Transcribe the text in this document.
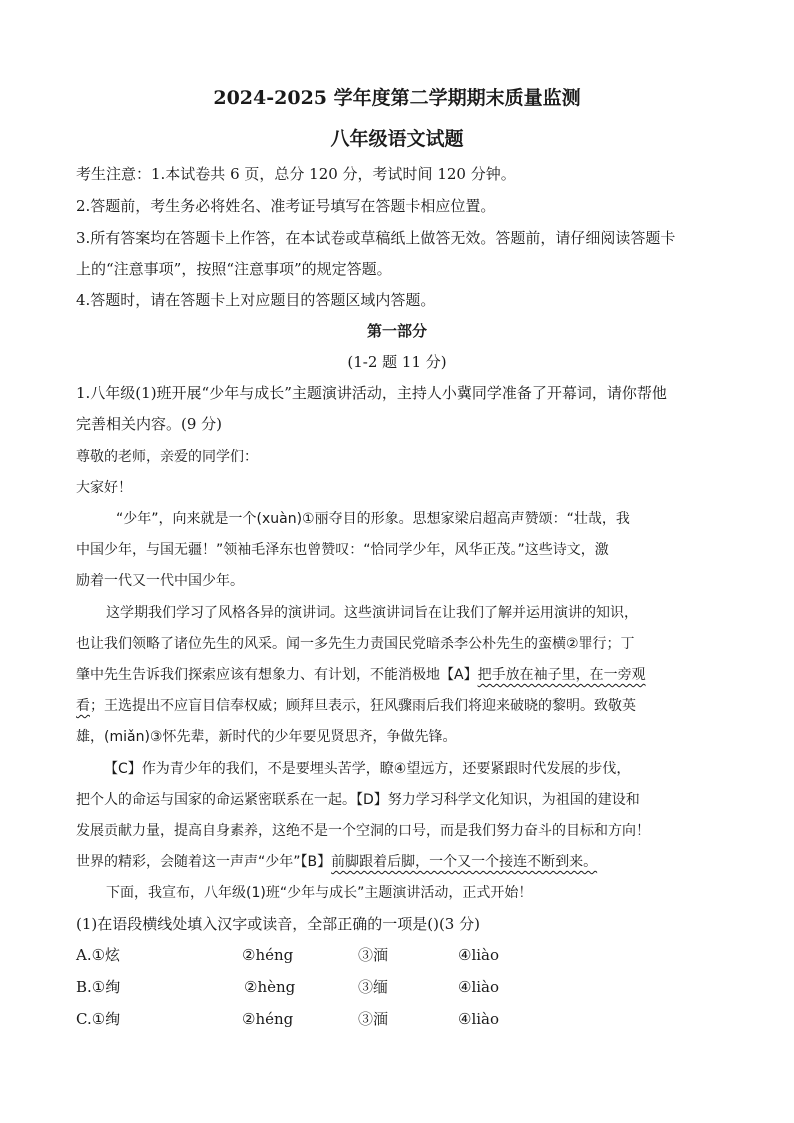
2024-2025 学年度第二学期期末质量监测
八年级语文试题
考生注意：1.本试卷共 6 页，总分 120 分，考试时间 120 分钟。
2.答题前，考生务必将姓名、准考证号填写在答题卡相应位置。
3.所有答案均在答题卡上作答，在本试卷或草稿纸上做答无效。答题前，请仔细阅读答题卡
上的“注意事项”，按照“注意事项”的规定答题。
4.答题时，请在答题卡上对应题目的答题区域内答题。
第一部分
(1-2 题 11 分)
1.八年级(1)班开展“少年与成长”主题演讲活动，主持人小冀同学准备了开幕词，请你帮他
完善相关内容。(9 分)
尊敬的老师，亲爱的同学们：
大家好！
“少年”，向来就是一个(xuàn)①丽夺目的形象。思想家梁启超高声赞颂：“壮哉，我
中国少年，与国无疆！”领袖毛泽东也曾赞叹：“恰同学少年，风华正茂。”这些诗文，激
励着一代又一代中国少年。
这学期我们学习了风格各异的演讲词。这些演讲词旨在让我们了解并运用演讲的知识，
也让我们领略了诸位先生的风采。闻一多先生力责国民党暗杀李公朴先生的蛮横②罪行；丁
肇中先生告诉我们探索应该有想象力、有计划，不能消极地【A】把手放在袖子里，在一旁观
看；王选提出不应盲目信奉权威；顾拜旦表示，狂风骤雨后我们将迎来破晓的黎明。致敬英
雄，(miǎn)③怀先辈，新时代的少年要见贤思齐，争做先锋。
【C】作为青少年的我们，不是要埋头苦学，瞭④望远方，还要紧跟时代发展的步伐，
把个人的命运与国家的命运紧密联系在一起。【D】努力学习科学文化知识，为祖国的建设和
发展贡献力量，提高自身素养，这绝不是一个空洞的口号，而是我们努力奋斗的目标和方向！
世界的精彩，会随着这一声声“少年”【B】前脚跟着后脚，一个又一个接连不断到来。
下面，我宣布，八年级(1)班“少年与成长”主题演讲活动，正式开始！
(1)在语段横线处填入汉字或读音，全部正确的一项是()(3 分)
A.①炫	②héng	③湎	④liào
B.①绚	②hèng	③缅	④liào
C.①绚	②héng	③湎	④liào
